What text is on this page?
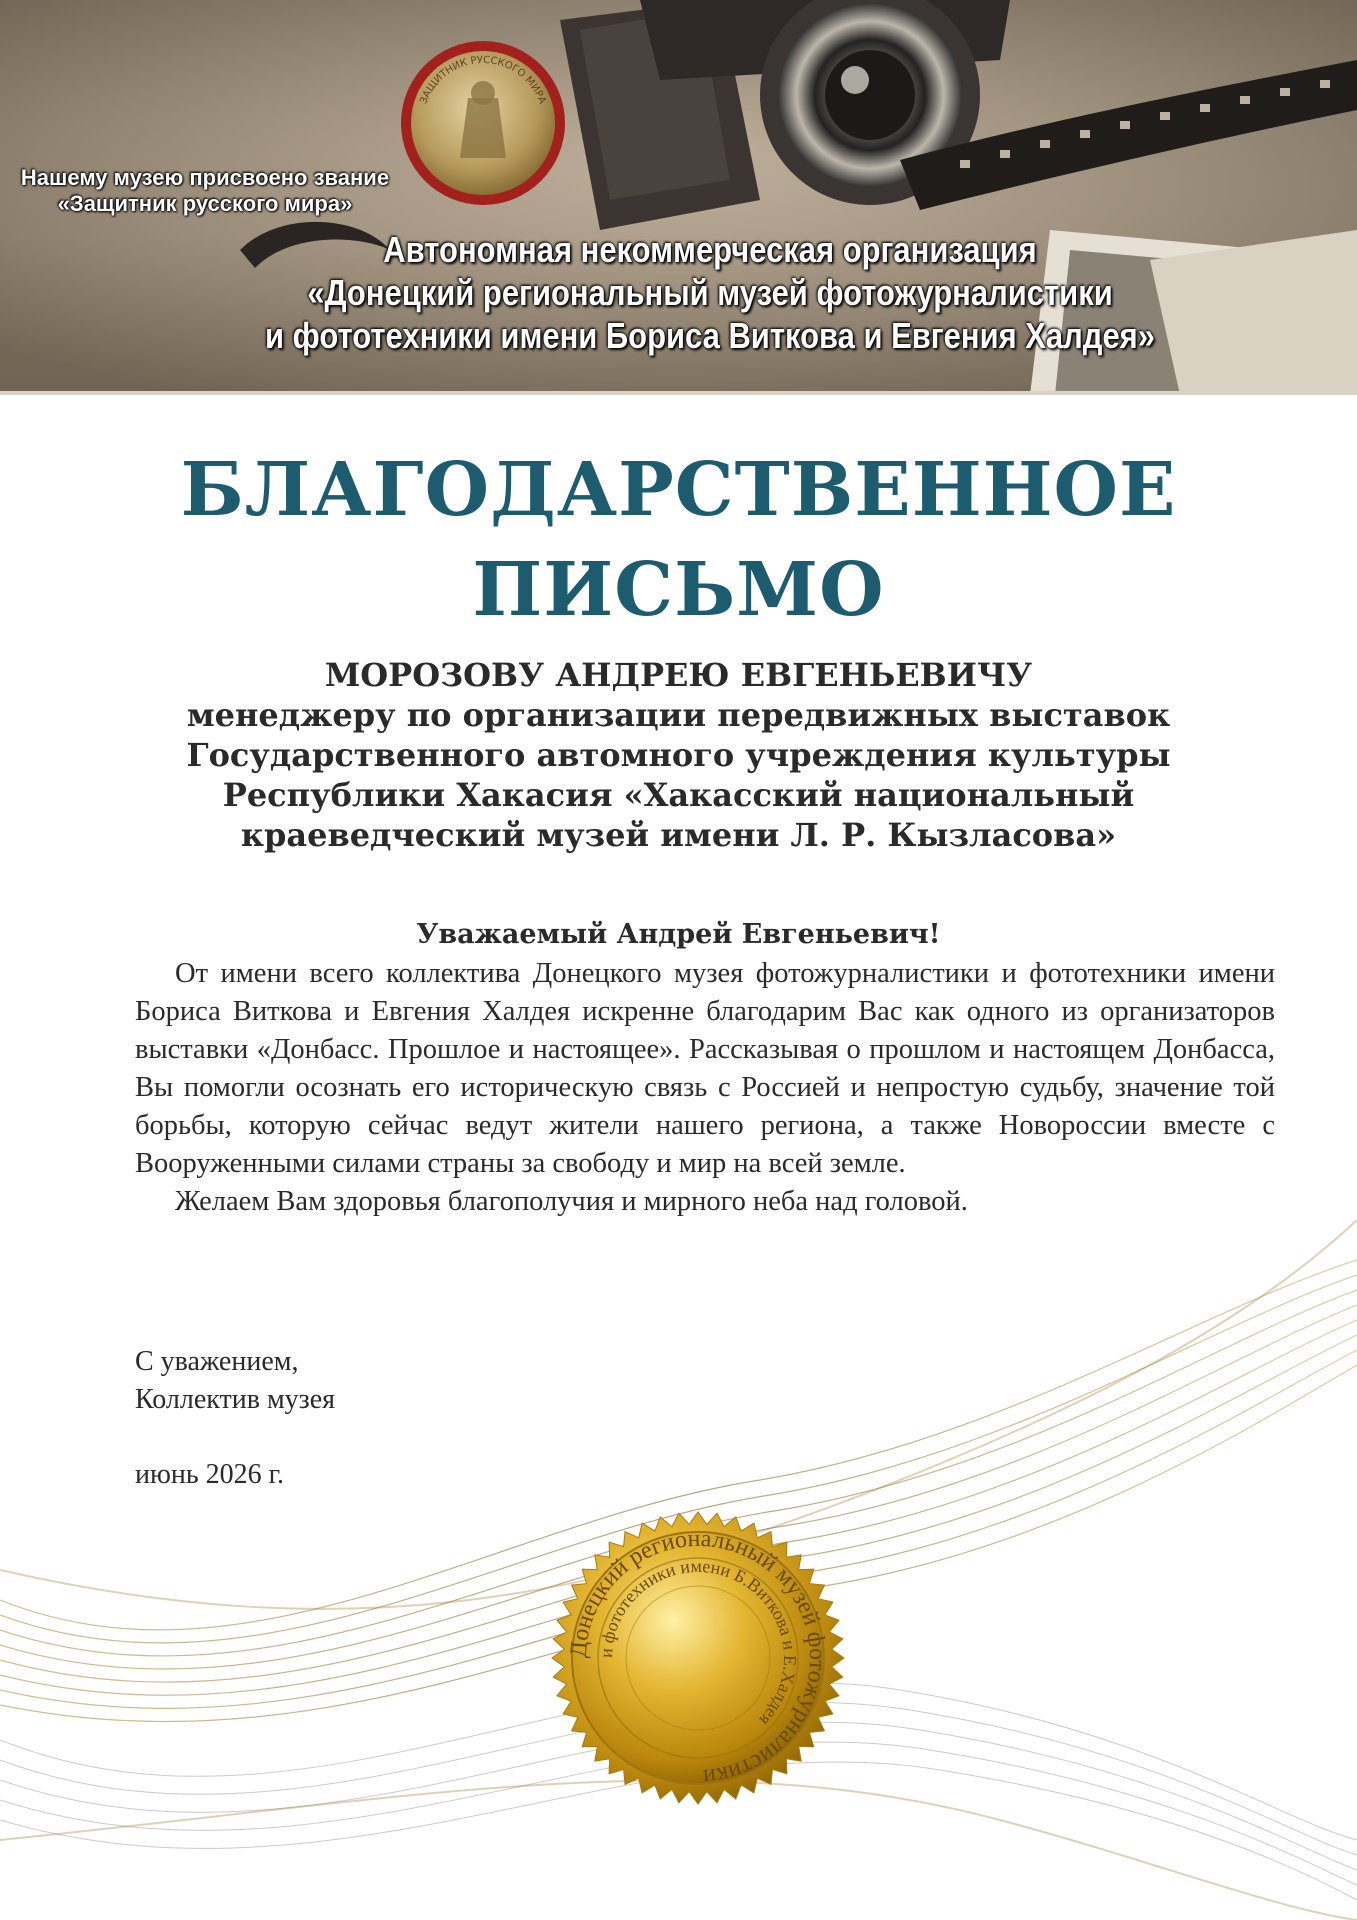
ЗАЩИТНИК РУССКОГО МИРА
Нашему музею присвоено звание
«Защитник русского мира»
Автономная некоммерческая организация
«Донецкий региональный музей фотожурналистики
и фототехники имени Бориса Виткова и Евгения Халдея»
БЛАГОДАРСТВЕННОЕ
ПИСЬМО
МОРОЗОВУ АНДРЕЮ ЕВГЕНЬЕВИЧУ
менеджеру по организации передвижных выставок
Государственного автомного учреждения культуры
Республики Хакасия «Хакасский национальный
краеведческий музей имени Л. Р. Кызласова»
Уважаемый Андрей Евгеньевич!

От имени всего коллектива Донецкого музея фотожурналистики и фототехники имени Бориса Виткова и Евгения Халдея искренне благодарим Вас как одного из организаторов выставки «Донбасс. Прошлое и настоящее». Рассказывая о прошлом и настоящем Донбасса, Вы помогли осознать его историческую связь с Россией и непростую судьбу, значение той борьбы, которую сейчас ведут жители нашего региона, а также Новороссии вместе с Вооруженными силами страны за свободу и мир на всей земле.

Желаем Вам здоровья благополучия и мирного неба над головой.

С уважением,
Коллектив музея
июнь 2026 г.
Донецкий региональный музей фотожурналистики
и фототехники имени Б.Виткова и Е.Халдея
